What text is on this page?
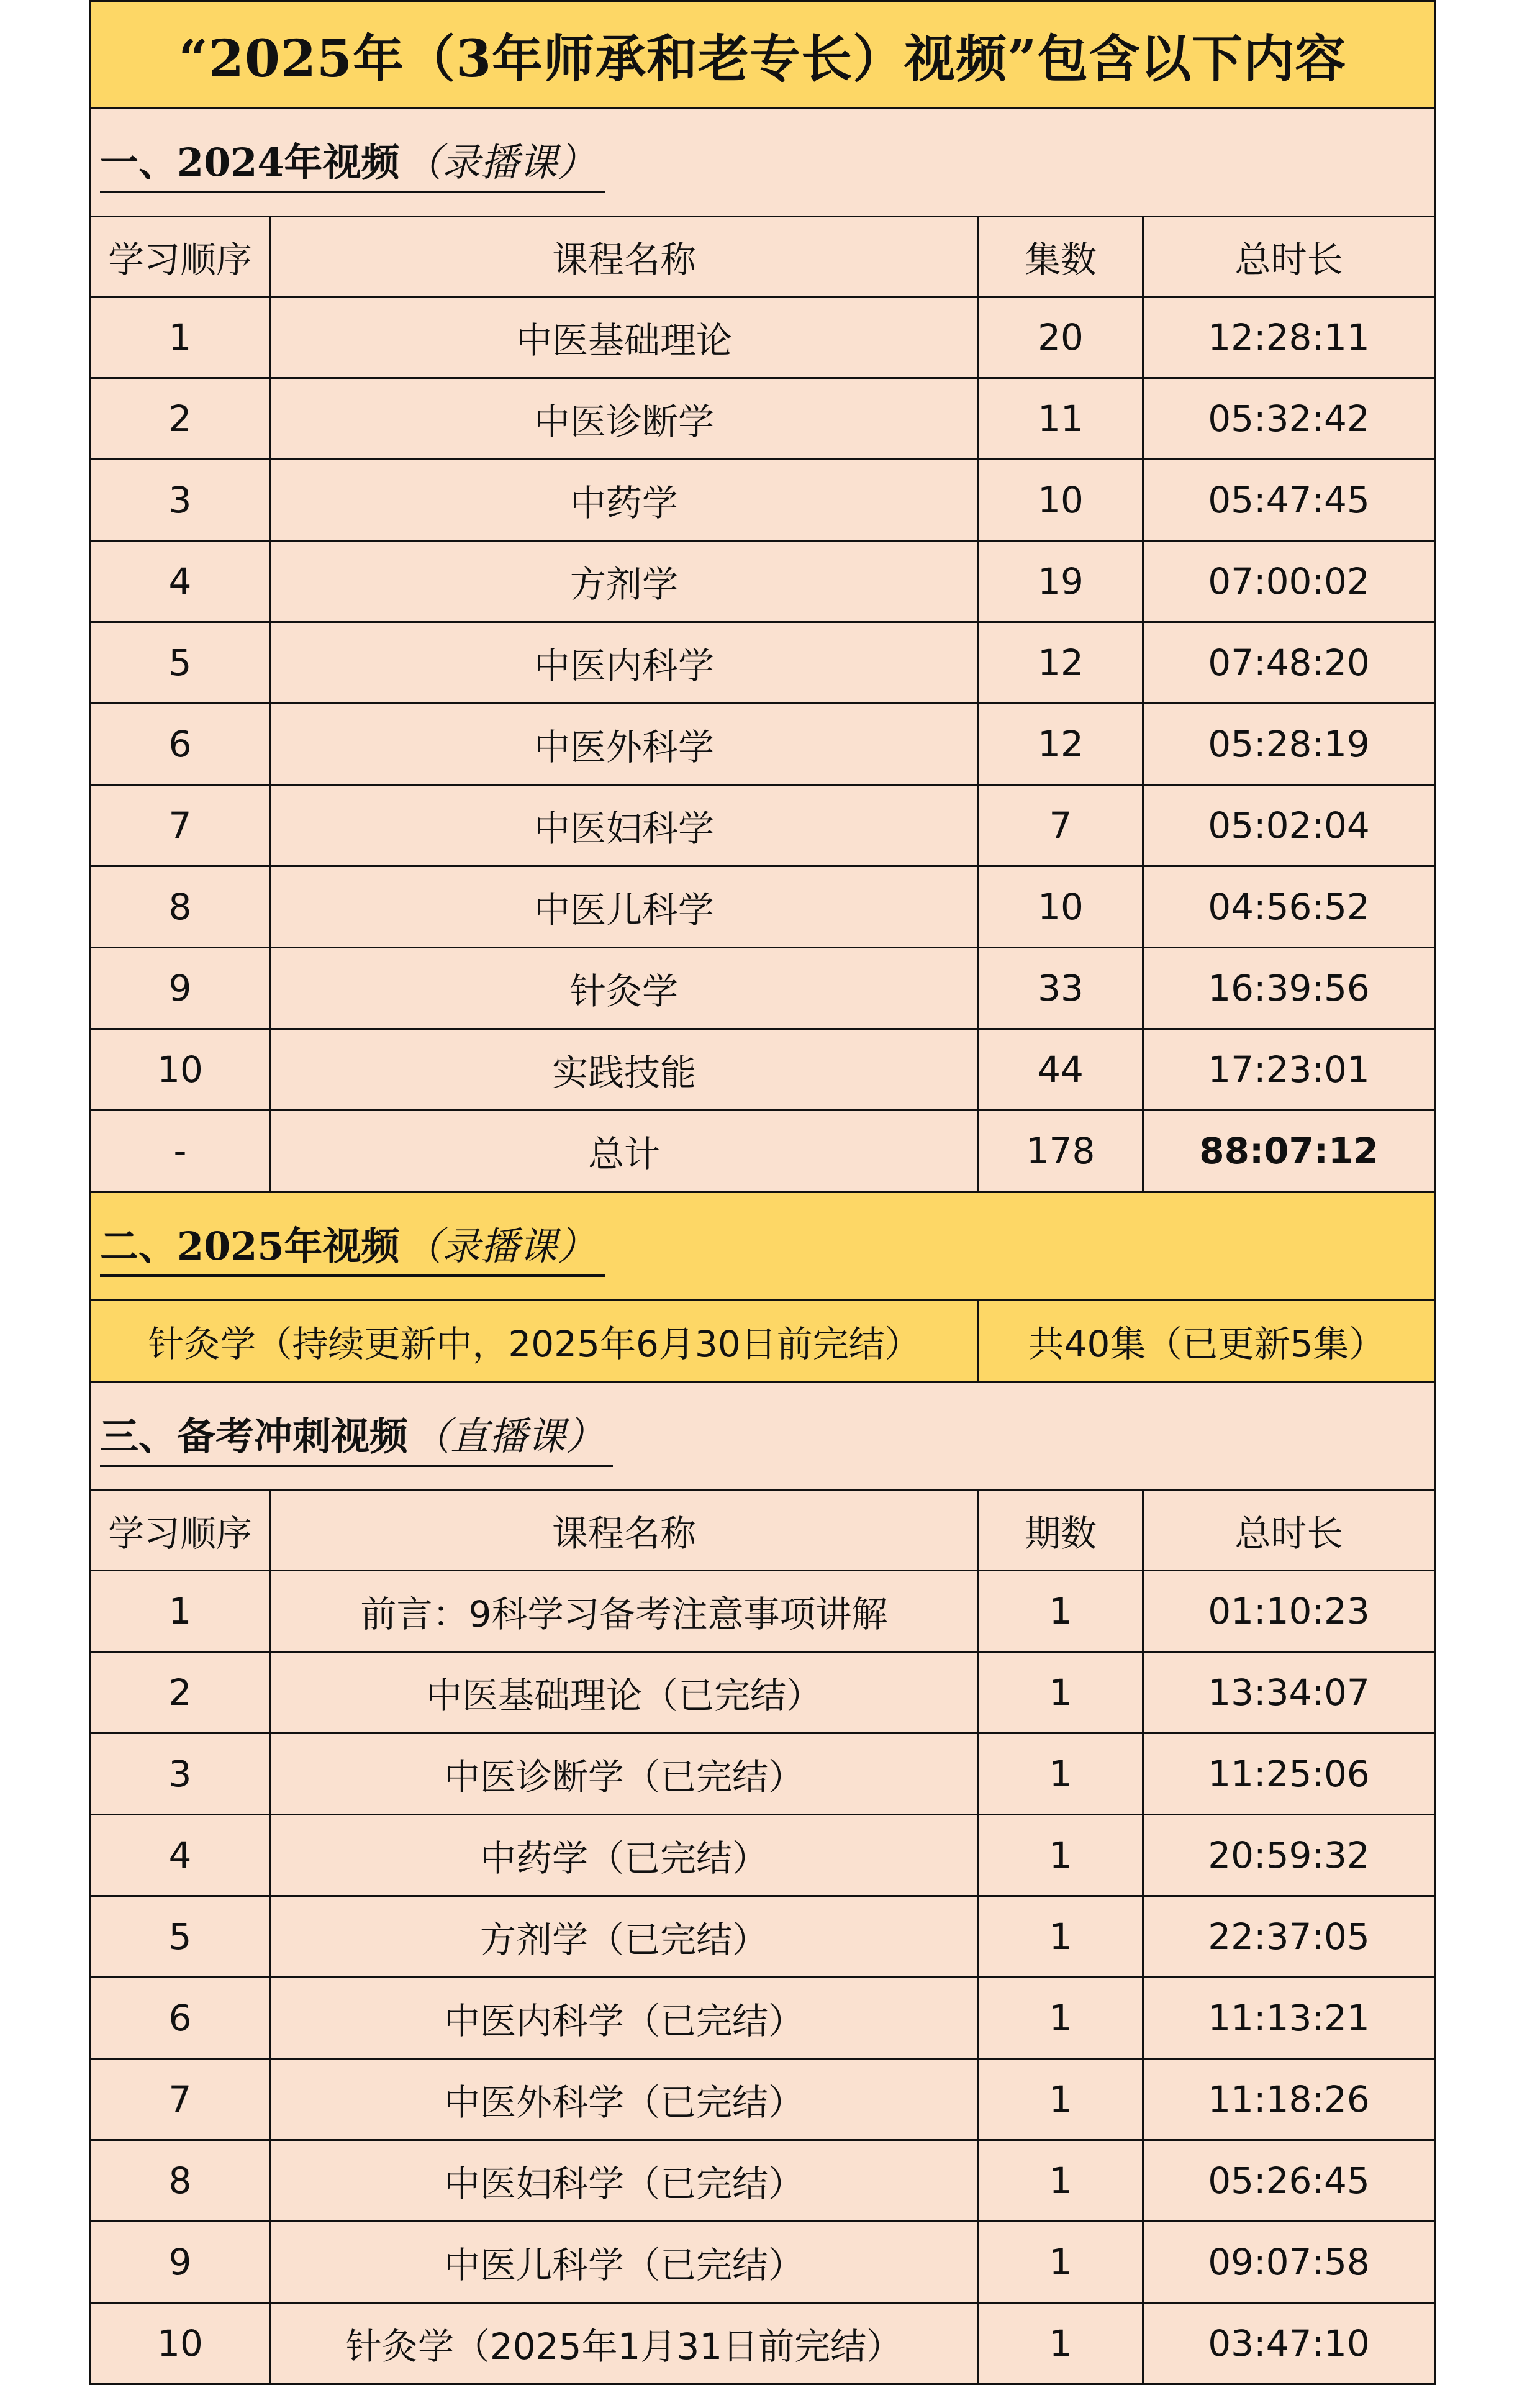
“2025年（3年师承和老专长）视频”包含以下内容
一、2024年视频 （录播课）
学习顺序	课程名称	集数	总时长
1	中医基础理论	20	12:28:11
2	中医诊断学	11	05:32:42
3	中药学	10	05:47:45
4	方剂学	19	07:00:02
5	中医内科学	12	07:48:20
6	中医外科学	12	05:28:19
7	中医妇科学	7	05:02:04
8	中医儿科学	10	04:56:52
9	针灸学	33	16:39:56
10	实践技能	44	17:23:01
-	总计	178	88:07:12
二、2025年视频 （录播课）
针灸学（持续更新中，2025年6月30日前完结）	共40集（已更新5集）
三、备考冲刺视频 （直播课）
学习顺序	课程名称	期数	总时长
1	前言：9科学习备考注意事项讲解	1	01:10:23
2	中医基础理论（已完结）	1	13:34:07
3	中医诊断学（已完结）	1	11:25:06
4	中药学（已完结）	1	20:59:32
5	方剂学（已完结）	1	22:37:05
6	中医内科学（已完结）	1	11:13:21
7	中医外科学（已完结）	1	11:18:26
8	中医妇科学（已完结）	1	05:26:45
9	中医儿科学（已完结）	1	09:07:58
10	针灸学（2025年1月31日前完结）	1	03:47:10
